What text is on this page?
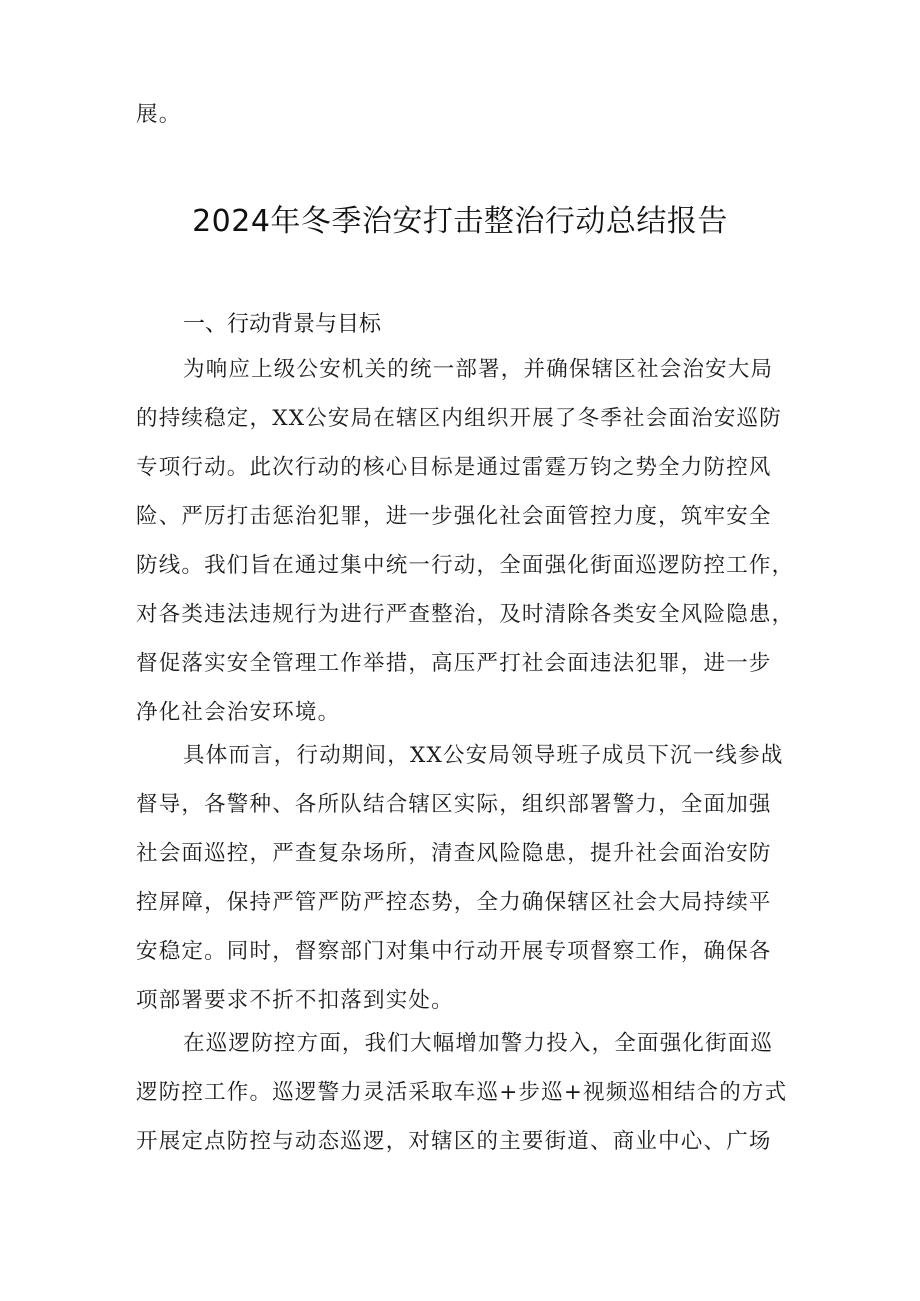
展。
2024年冬季治安打击整治行动总结报告
一、行动背景与目标
为响应上级公安机关的统一部署，并确保辖区社会治安大局
的持续稳定，XX公安局在辖区内组织开展了冬季社会面治安巡防
专项行动。此次行动的核心目标是通过雷霆万钧之势全力防控风
险、严厉打击惩治犯罪，进一步强化社会面管控力度，筑牢安全
防线。我们旨在通过集中统一行动，全面强化街面巡逻防控工作，
对各类违法违规行为进行严查整治，及时清除各类安全风险隐患，
督促落实安全管理工作举措，高压严打社会面违法犯罪，进一步
净化社会治安环境。
具体而言，行动期间，XX公安局领导班子成员下沉一线参战
督导，各警种、各所队结合辖区实际，组织部署警力，全面加强
社会面巡控，严查复杂场所，清查风险隐患，提升社会面治安防
控屏障，保持严管严防严控态势，全力确保辖区社会大局持续平
安稳定。同时，督察部门对集中行动开展专项督察工作，确保各
项部署要求不折不扣落到实处。
在巡逻防控方面，我们大幅增加警力投入，全面强化街面巡
逻防控工作。巡逻警力灵活采取车巡+步巡+视频巡相结合的方式
开展定点防控与动态巡逻，对辖区的主要街道、商业中心、广场
